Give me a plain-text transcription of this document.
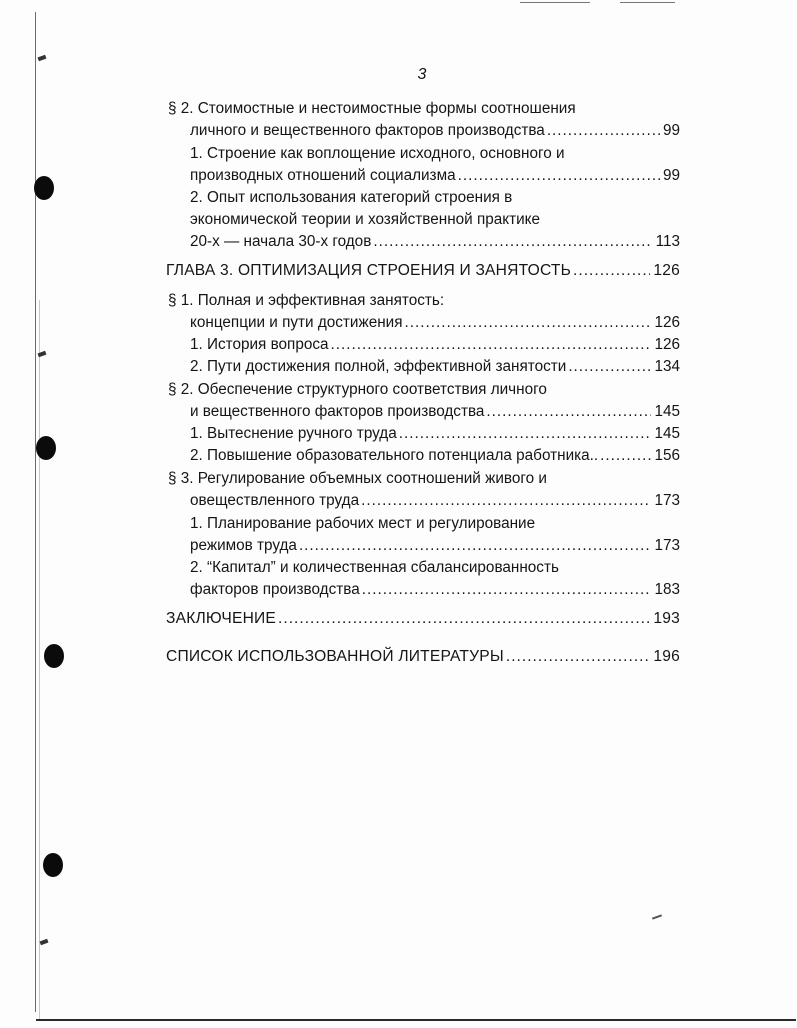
3
§ 2. Стоимостные и нестоимостные формы соотношения
личного и вещественного факторов производства .....	99
1. Строение как воплощение исходного, основного и
производных отношений социализма .....	99
2. Опыт использования категорий строения в
экономической теории и хозяйственной практике
20-х — начала 30-х годов .....	113
ГЛАВА 3. ОПТИМИЗАЦИЯ СТРОЕНИЯ И ЗАНЯТОСТЬ .....	126
§ 1. Полная и эффективная занятость:
концепции и пути достижения .....	126
1. История вопроса .....	126
2. Пути достижения полной, эффективной занятости .....	134
§ 2. Обеспечение структурного соответствия личного
и вещественного факторов производства .....	145
1. Вытеснение ручного труда .....	145
2. Повышение образовательного потенциала работника.. .....	156
§ 3. Регулирование объемных соотношений живого и
овеществленного труда .....	173
1. Планирование рабочих мест и регулирование
режимов труда .....	173
2. “Капитал” и количественная сбалансированность
факторов производства .....	183
ЗАКЛЮЧЕНИЕ .....	193
СПИСОК ИСПОЛЬЗОВАННОЙ ЛИТЕРАТУРЫ .....	196
